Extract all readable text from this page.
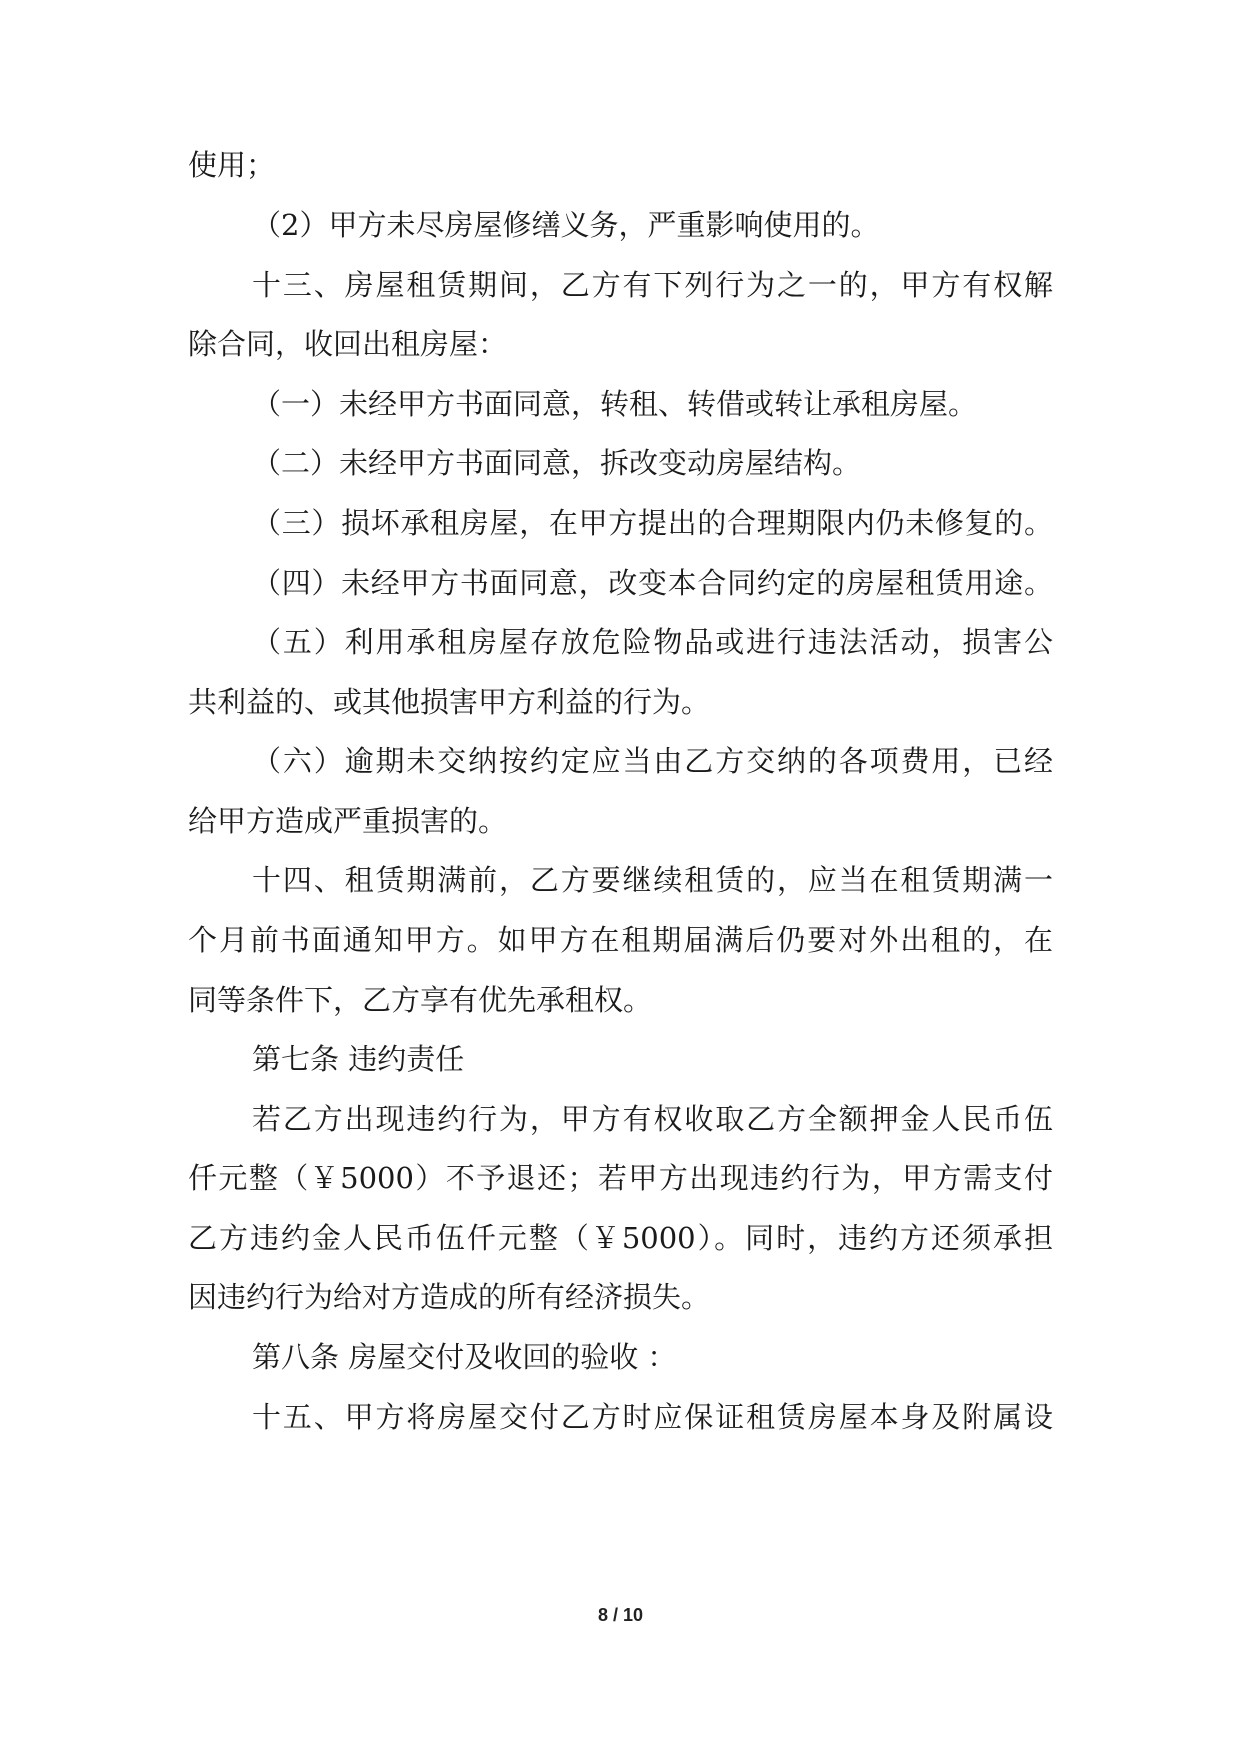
使用；
（2）甲方未尽房屋修缮义务，严重影响使用的。
十三、房屋租赁期间，乙方有下列行为之一的，甲方有权解
除合同，收回出租房屋：
（一）未经甲方书面同意，转租、转借或转让承租房屋。
（二）未经甲方书面同意，拆改变动房屋结构。
（三）损坏承租房屋，在甲方提出的合理期限内仍未修复的。
（四）未经甲方书面同意，改变本合同约定的房屋租赁用途。
（五）利用承租房屋存放危险物品或进行违法活动，损害公
共利益的、或其他损害甲方利益的行为。
（六）逾期未交纳按约定应当由乙方交纳的各项费用，已经
给甲方造成严重损害的。
十四、租赁期满前，乙方要继续租赁的，应当在租赁期满一
个月前书面通知甲方。如甲方在租期届满后仍要对外出租的，在
同等条件下，乙方享有优先承租权。
第七条 违约责任
若乙方出现违约行为，甲方有权收取乙方全额押金人民币伍
仟元整（￥5000）不予退还；若甲方出现违约行为，甲方需支付
乙方违约金人民币伍仟元整（￥5000）。同时，违约方还须承担
因违约行为给对方造成的所有经济损失。
第八条 房屋交付及收回的验收 ：
十五、甲方将房屋交付乙方时应保证租赁房屋本身及附属设
8 / 10
